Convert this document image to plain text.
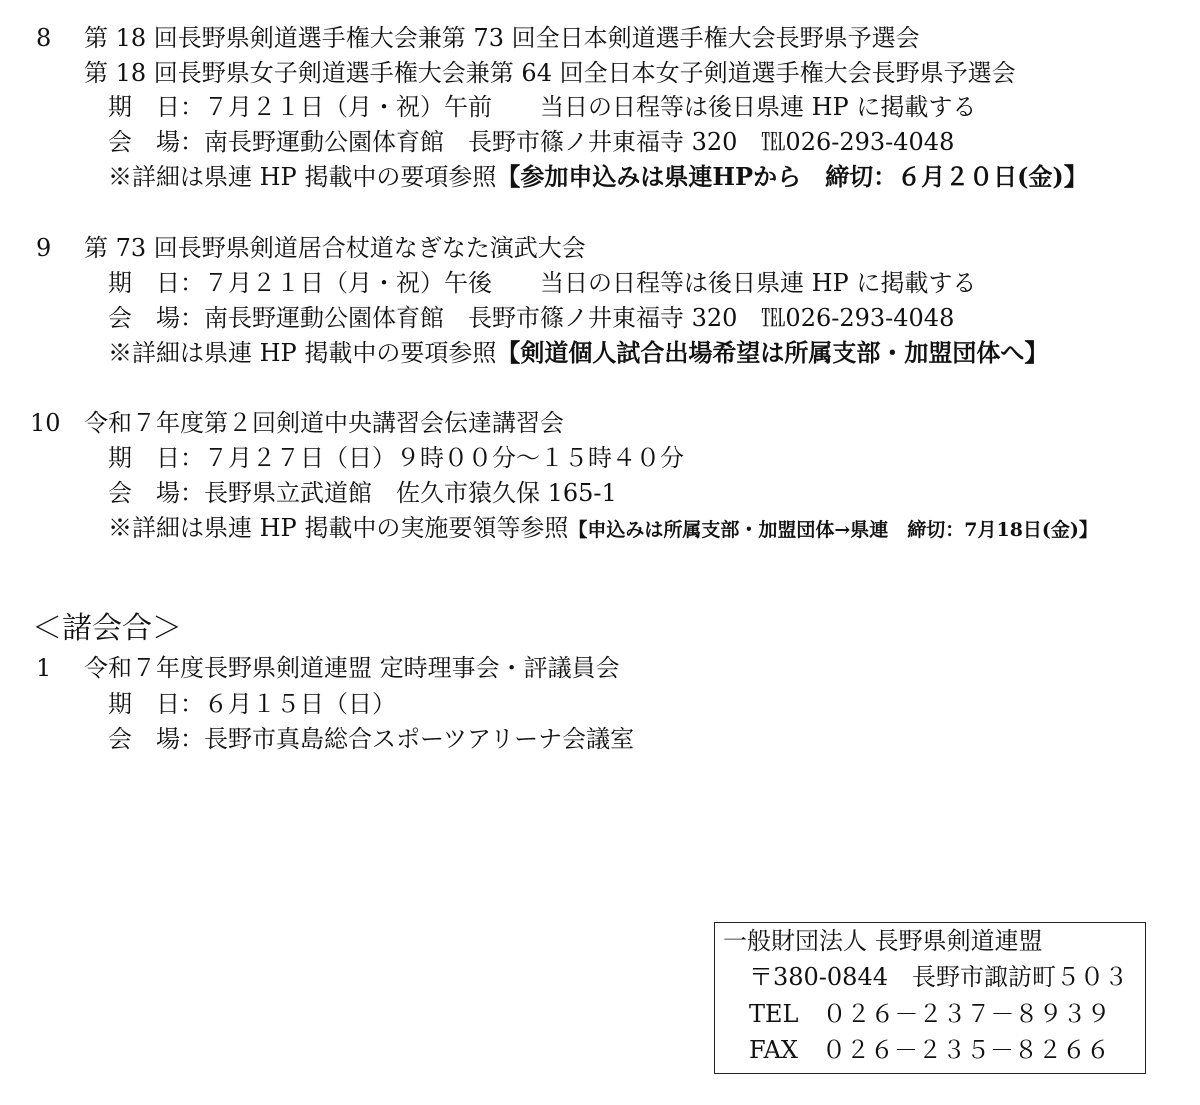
8 第 18 回長野県剣道選手権大会兼第 73 回全日本剣道選手権大会長野県予選会
第 18 回長野県女子剣道選手権大会兼第 64 回全日本女子剣道選手権大会長野県予選会
期　日：７月２１日（月・祝）午前　　当日の日程等は後日県連 HP に掲載する
会　場：南長野運動公園体育館　長野市篠ノ井東福寺 320　℡026-293-4048
※詳細は県連 HP 掲載中の要項参照【参加申込みは県連HPから　締切：６月２０日(金)】
9 第 73 回長野県剣道居合杖道なぎなた演武大会
期　日：７月２１日（月・祝）午後　　当日の日程等は後日県連 HP に掲載する
会　場：南長野運動公園体育館　長野市篠ノ井東福寺 320　℡026-293-4048
※詳細は県連 HP 掲載中の要項参照【剣道個人試合出場希望は所属支部・加盟団体へ】
10 令和７年度第２回剣道中央講習会伝達講習会
期　日：７月２７日（日）９時００分～１５時４０分
会　場：長野県立武道館　佐久市猿久保 165-1
※詳細は県連 HP 掲載中の実施要領等参照【申込みは所属支部・加盟団体→県連　締切：7月18日(金)】
＜諸会合＞
1 令和７年度長野県剣道連盟 定時理事会・評議員会
期　日：６月１５日（日）
会　場：長野市真島総合スポーツアリーナ会議室
一般財団法人 長野県剣道連盟
〒380-0844　長野市諏訪町５０３
TEL　０２６－２３７－８９３９
FAX　０２６－２３５－８２６６
